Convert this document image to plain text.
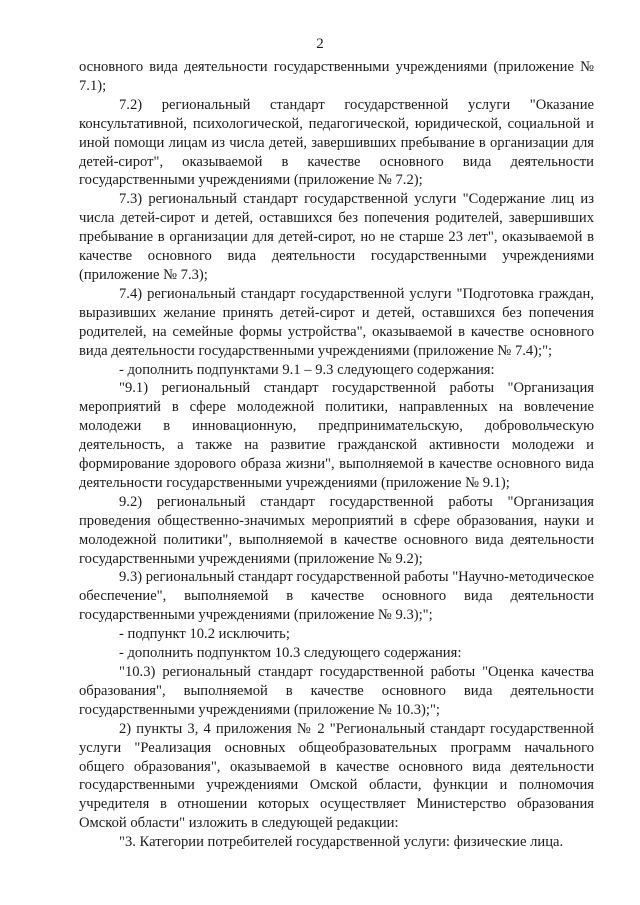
2

основного вида деятельности государственными учреждениями (приложение № 7.1);

7.2) региональный стандарт государственной услуги "Оказание консультативной, психологической, педагогической, юридической, социальной и иной помощи лицам из числа детей, завершивших пребывание в организации для детей-сирот", оказываемой в качестве основного вида деятельности государственными учреждениями (приложение № 7.2);

7.3) региональный стандарт государственной услуги "Содержание лиц из числа детей-сирот и детей, оставшихся без попечения родителей, завершивших пребывание в организации для детей-сирот, но не старше 23 лет", оказываемой в качестве основного вида деятельности государственными учреждениями (приложение № 7.3);

7.4) региональный стандарт государственной услуги "Подготовка граждан, выразивших желание принять детей-сирот и детей, оставшихся без попечения родителей, на семейные формы устройства", оказываемой в качестве основного вида деятельности государственными учреждениями (приложение № 7.4);";

- дополнить подпунктами 9.1 – 9.3 следующего содержания:

"9.1) региональный стандарт государственной работы "Организация мероприятий в сфере молодежной политики, направленных на вовлечение молодежи в инновационную, предпринимательскую, добровольческую деятельность, а также на развитие гражданской активности молодежи и формирование здорового образа жизни", выполняемой в качестве основного вида деятельности государственными учреждениями (приложение № 9.1);

9.2) региональный стандарт государственной работы "Организация проведения общественно-значимых мероприятий в сфере образования, науки и молодежной политики", выполняемой в качестве основного вида деятельности государственными учреждениями (приложение № 9.2);

9.3) региональный стандарт государственной работы "Научно-методическое обеспечение", выполняемой в качестве основного вида деятельности государственными учреждениями (приложение № 9.3);";

- подпункт 10.2 исключить;

- дополнить подпунктом 10.3 следующего содержания:

"10.3) региональный стандарт государственной работы "Оценка качества образования", выполняемой в качестве основного вида деятельности государственными учреждениями (приложение № 10.3);";

2) пункты 3, 4 приложения № 2 "Региональный стандарт государственной услуги "Реализация основных общеобразовательных программ начального общего образования", оказываемой в качестве основного вида деятельности государственными учреждениями Омской области, функции и полномочия учредителя в отношении которых осуществляет Министерство образования Омской области" изложить в следующей редакции:

"3. Категории потребителей государственной услуги: физические лица.
